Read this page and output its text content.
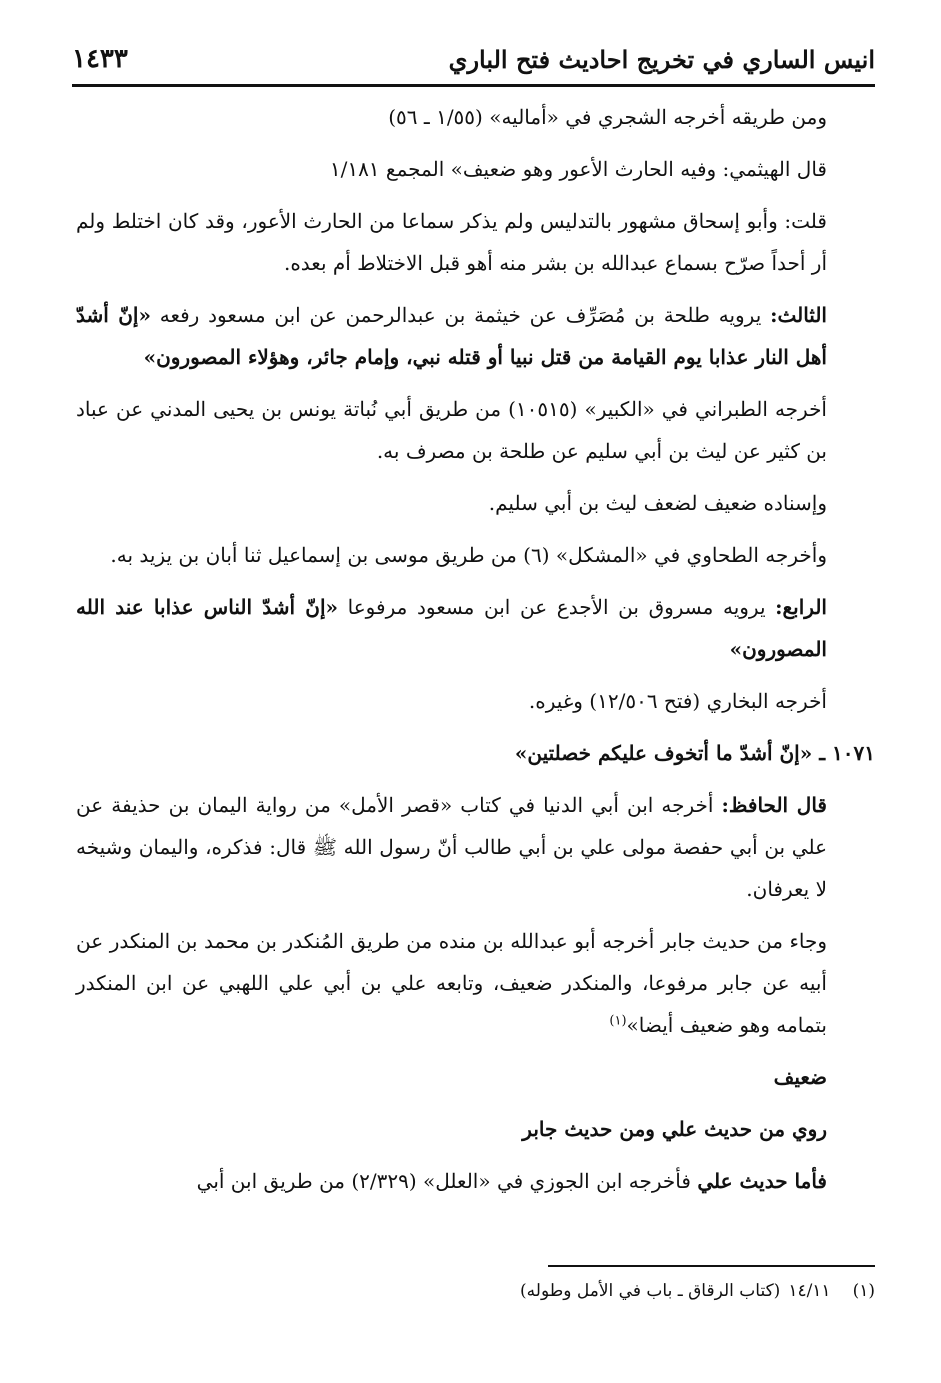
انيس الساري في تخريج احاديث فتح الباري
١٤٣٣

ومن طريقه أخرجه الشجري في «أماليه» (١/٥٥ ـ ٥٦)

قال الهيثمي: وفيه الحارث الأعور وهو ضعيف» المجمع ١/١٨١

قلت: وأبو إسحاق مشهور بالتدليس ولم يذكر سماعا من الحارث الأعور، وقد كان اختلط ولم أر أحداً صرّح بسماع عبدالله بن بشر منه أهو قبل الاختلاط أم بعده.

الثالث: يرويه طلحة بن مُصَرِّف عن خيثمة بن عبدالرحمن عن ابن مسعود رفعه «إنّ أشدّ أهل النار عذابا يوم القيامة من قتل نبيا أو قتله نبي، وإمام جائر، وهؤلاء المصورون»

أخرجه الطبراني في «الكبير» (١٠٥١٥) من طريق أبي نُباتة يونس بن يحيى المدني عن عباد بن كثير عن ليث بن أبي سليم عن طلحة بن مصرف به.

وإسناده ضعيف لضعف ليث بن أبي سليم.

وأخرجه الطحاوي في «المشكل» (٦) من طريق موسى بن إسماعيل ثنا أبان بن يزيد به.

الرابع: يرويه مسروق بن الأجدع عن ابن مسعود مرفوعا «إنّ أشدّ الناس عذابا عند الله المصورون»

أخرجه البخاري (فتح ١٢/٥٠٦) وغيره.

١٠٧١ ـ «إنّ أشدّ ما أتخوف عليكم خصلتين»

قال الحافظ: أخرجه ابن أبي الدنيا في كتاب «قصر الأمل» من رواية اليمان بن حذيفة عن علي بن أبي حفصة مولى علي بن أبي طالب أنّ رسول الله ﷺ قال: فذكره، واليمان وشيخه لا يعرفان.

وجاء من حديث جابر أخرجه أبو عبدالله بن منده من طريق المُنكدر بن محمد بن المنكدر عن أبيه عن جابر مرفوعا، والمنكدر ضعيف، وتابعه علي بن أبي علي اللهبي عن ابن المنكدر بتمامه وهو ضعيف أيضا»$^{(١)}$

ضعيف

روي من حديث علي ومن حديث جابر

فأما حديث علي فأخرجه ابن الجوزي في «العلل» (٢/٣٢٩) من طريق ابن أبي

(١)١٤/١١(كتاب الرقاق ـ باب في الأمل وطوله)
